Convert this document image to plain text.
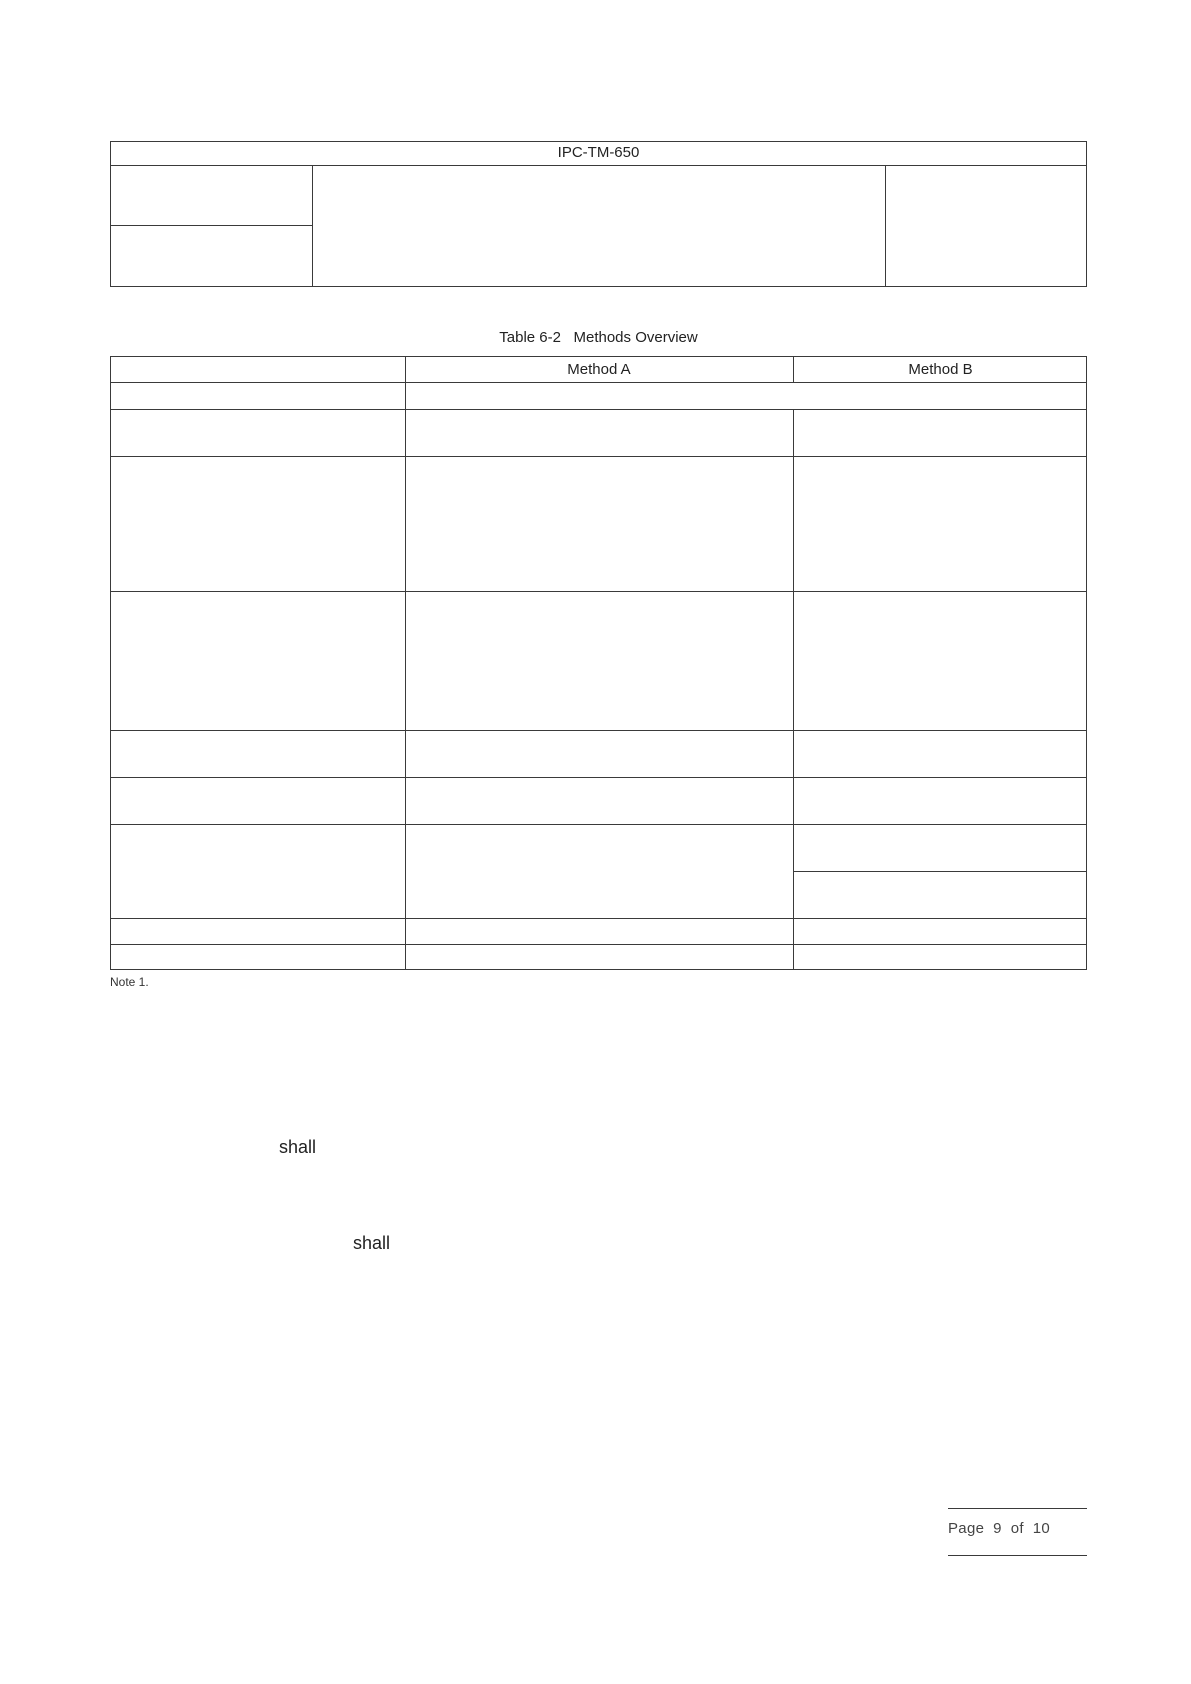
IPC-TM-650
Table 6-2   Methods Overview
Method A	Method B
Note 1.
shall
shall
Page  9  of  10
